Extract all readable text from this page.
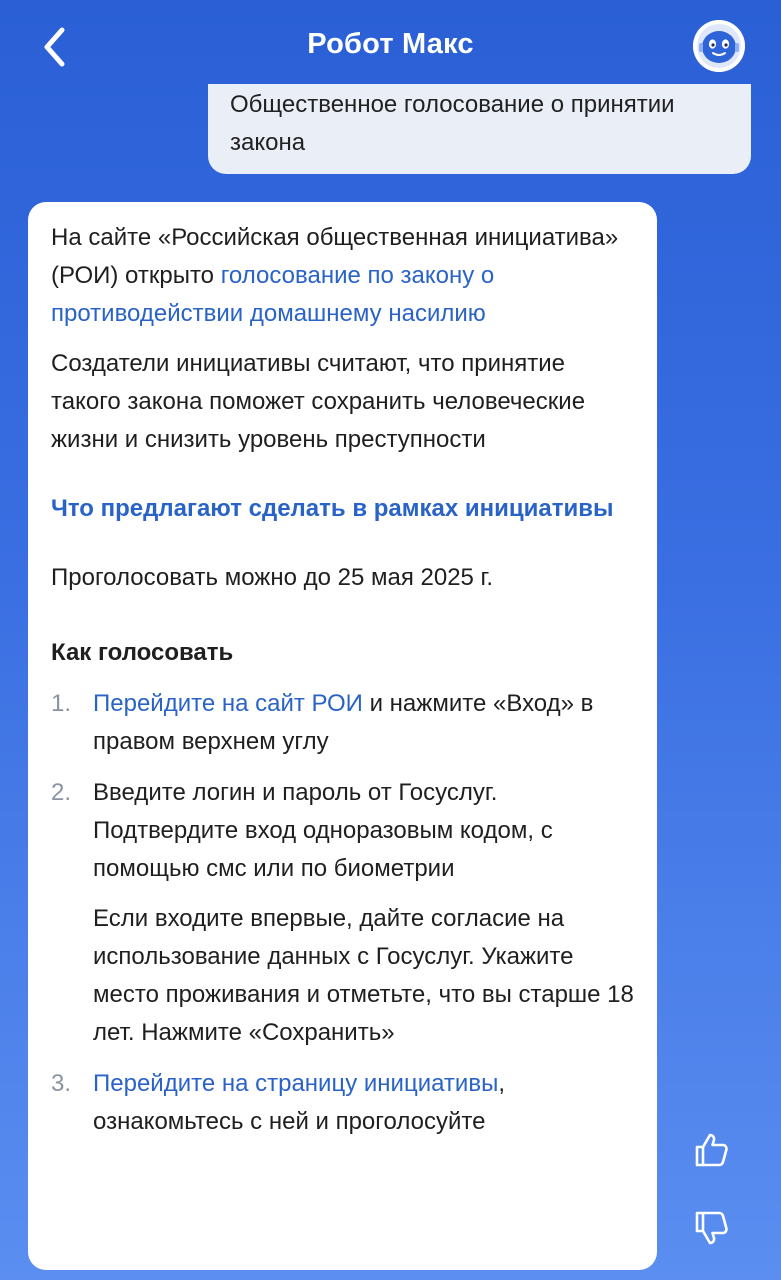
Робот Макс
Общественное голосование о принятии закона

На сайте «Российская общественная инициатива» (РОИ) открыто голосование по закону о противодействии домашнему насилию

Создатели инициативы считают, что принятие такого закона поможет сохранить человеческие жизни и снизить уровень преступности

Что предлагают сделать в рамках инициативы

Проголосовать можно до 25 мая 2025 г.

Как голосовать

1. Перейдите на сайт РОИ и нажмите «Вход» в правом верхнем углу

2. Введите логин и пароль от Госуслуг. Подтвердите вход одноразовым кодом, с помощью смс или по биометрии

Если входите впервые, дайте согласие на использование данных с Госуслуг. Укажите место проживания и отметьте, что вы старше 18 лет. Нажмите «Сохранить»

3. Перейдите на страницу инициативы, ознакомьтесь с ней и проголосуйте
